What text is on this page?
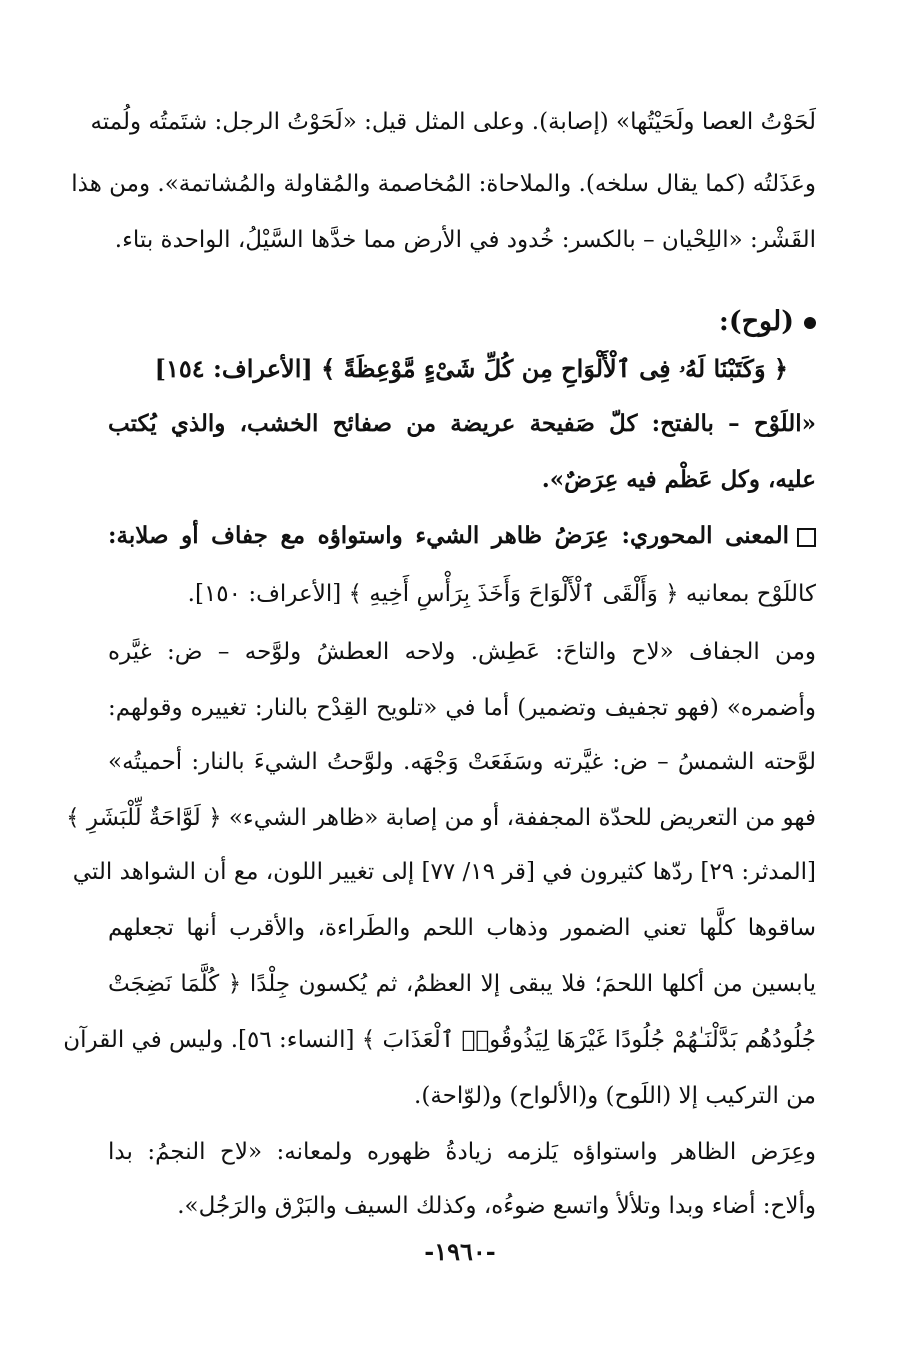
لَحَوْتُ العصا ولَحَيْتُها» (إصابة). وعلى المثل قيل: «لَحَوْتُ الرجل: شتَمتُه ولُمته
وعَذَلتُه (كما يقال سلخه). والملاحاة: المُخاصمة والمُقاولة والمُشاتمة». ومن هذا
القَشْر: «اللِحْيان – بالكسر: خُدود في الأرض مما خدَّها السَّيْلُ، الواحدة بتاء.
(لوح):
﴿ وَكَتَبْنَا لَهُۥ فِى ٱلْأَلْوَاحِ مِن كُلِّ شَىْءٍ مَّوْعِظَةً ﴾ [الأعراف: ١٥٤]
«اللَوْح – بالفتح: كلّ صَفيحة عريضة من صفائح الخشب، والذي يُكتب
عليه، وكل عَظْم فيه عِرَضٌ».
المعنى المحوري: عِرَضُ ظاهر الشيء واستواؤه مع جفاف أو صلابة:
كاللَوْح بمعانيه ﴿ وَأَلْقَى ٱلْأَلْوَاحَ وَأَخَذَ بِرَأْسِ أَخِيهِ ﴾ [الأعراف: ١٥٠].
ومن الجفاف «لاح والتاحَ: عَطِش. ولاحه العطشُ ولوَّحه – ض: غيَّره
وأضمره» (فهو تجفيف وتضمير) أما في «تلويح القِدْح بالنار: تغييره وقولهم:
لوَّحته الشمسُ – ض: غيَّرته وسَفَعَتْ وَجْهَه. ولوَّحتُ الشيءَ بالنار: أحميتُه»
فهو من التعريض للحدّة المجففة، أو من إصابة «ظاهر الشيء» ﴿ لَوَّاحَةٌ لِّلْبَشَرِ ﴾
[المدثر: ٢٩] ردّها كثيرون في [قر ١٩/ ٧٧] إلى تغيير اللون، مع أن الشواهد التي
ساقوها كلَّها تعني الضمور وذهاب اللحم والطَراءة، والأقرب أنها تجعلهم
يابسين من أكلها اللحمَ؛ فلا يبقى إلا العظمُ، ثم يُكسون جِلْدًا ﴿ كُلَّمَا نَضِجَتْ
جُلُودُهُم بَدَّلْنَـٰهُمْ جُلُودًا غَيْرَهَا لِيَذُوقُوا۟ ٱلْعَذَابَ ﴾ [النساء: ٥٦]. وليس في القرآن
من التركيب إلا (اللَوح) و(الألواح) و(لوّاحة).
وعِرَض الظاهر واستواؤه يَلزمه زيادةُ ظهوره ولمعانه: «لاح النجمُ: بدا
وألاح: أضاء وبدا وتلألأ واتسع ضوءُه، وكذلك السيف والبَرْق والرَجُل».
-١٩٦٠-
